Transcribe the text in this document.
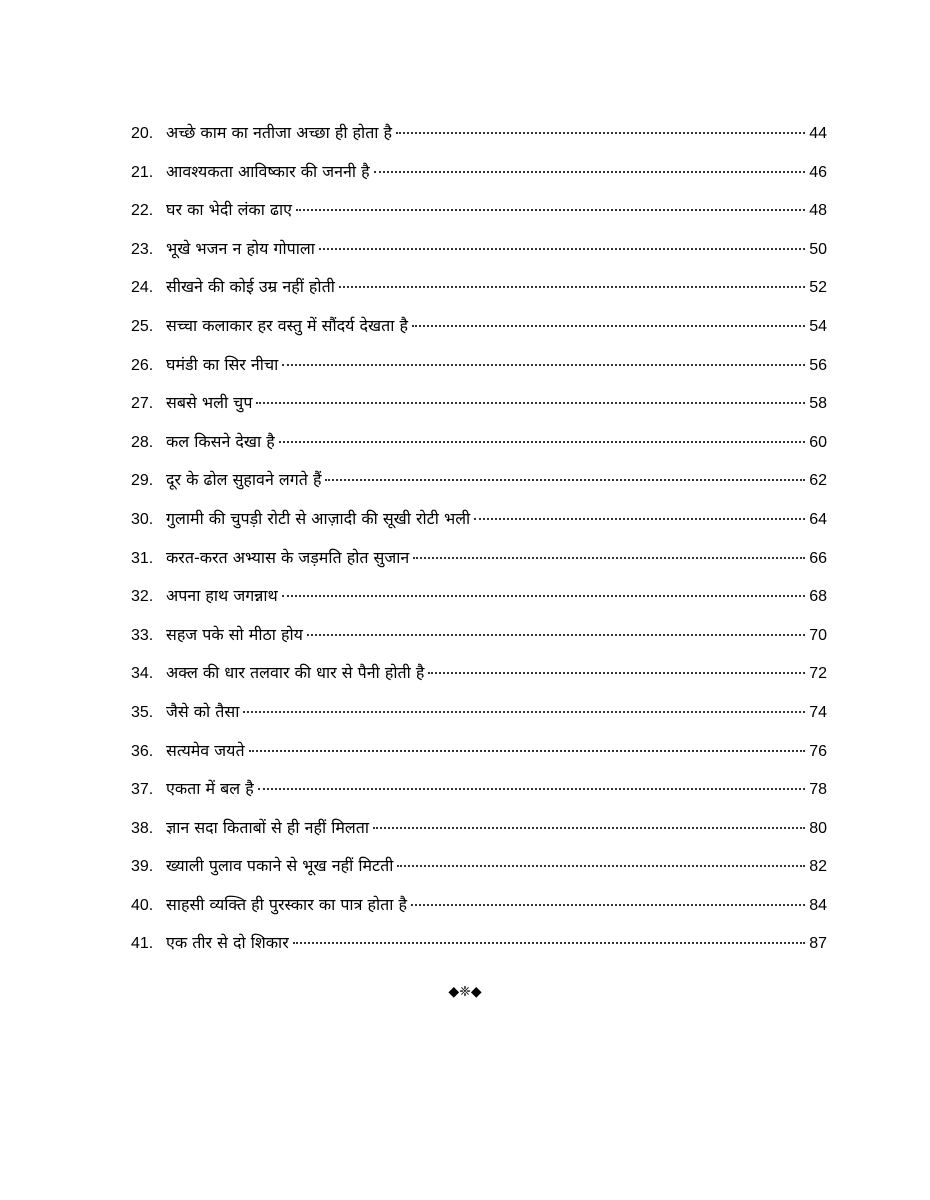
20. अच्छे काम का नतीजा अच्छा ही होता है	44
21. आवश्यकता आविष्कार की जननी है	46
22. घर का भेदी लंका ढाए	48
23. भूखे भजन न होय गोपाला	50
24. सीखने की कोई उम्र नहीं होती	52
25. सच्चा कलाकार हर वस्तु में सौंदर्य देखता है	54
26. घमंडी का सिर नीचा	56
27. सबसे भली चुप	58
28. कल किसने देखा है	60
29. दूर के ढोल सुहावने लगते हैं	62
30. गुलामी की चुपड़ी रोटी से आज़ादी की सूखी रोटी भली	64
31. करत-करत अभ्यास के जड़मति होत सुजान	66
32. अपना हाथ जगन्नाथ	68
33. सहज पके सो मीठा होय	70
34. अक्ल की धार तलवार की धार से पैनी होती है	72
35. जैसे को तैसा	74
36. सत्यमेव जयते	76
37. एकता में बल है	78
38. ज्ञान सदा किताबों से ही नहीं मिलता	80
39. ख्याली पुलाव पकाने से भूख नहीं मिटती	82
40. साहसी व्यक्ति ही पुरस्कार का पात्र होता है	84
41. एक तीर से दो शिकार	87
◆❈◆
